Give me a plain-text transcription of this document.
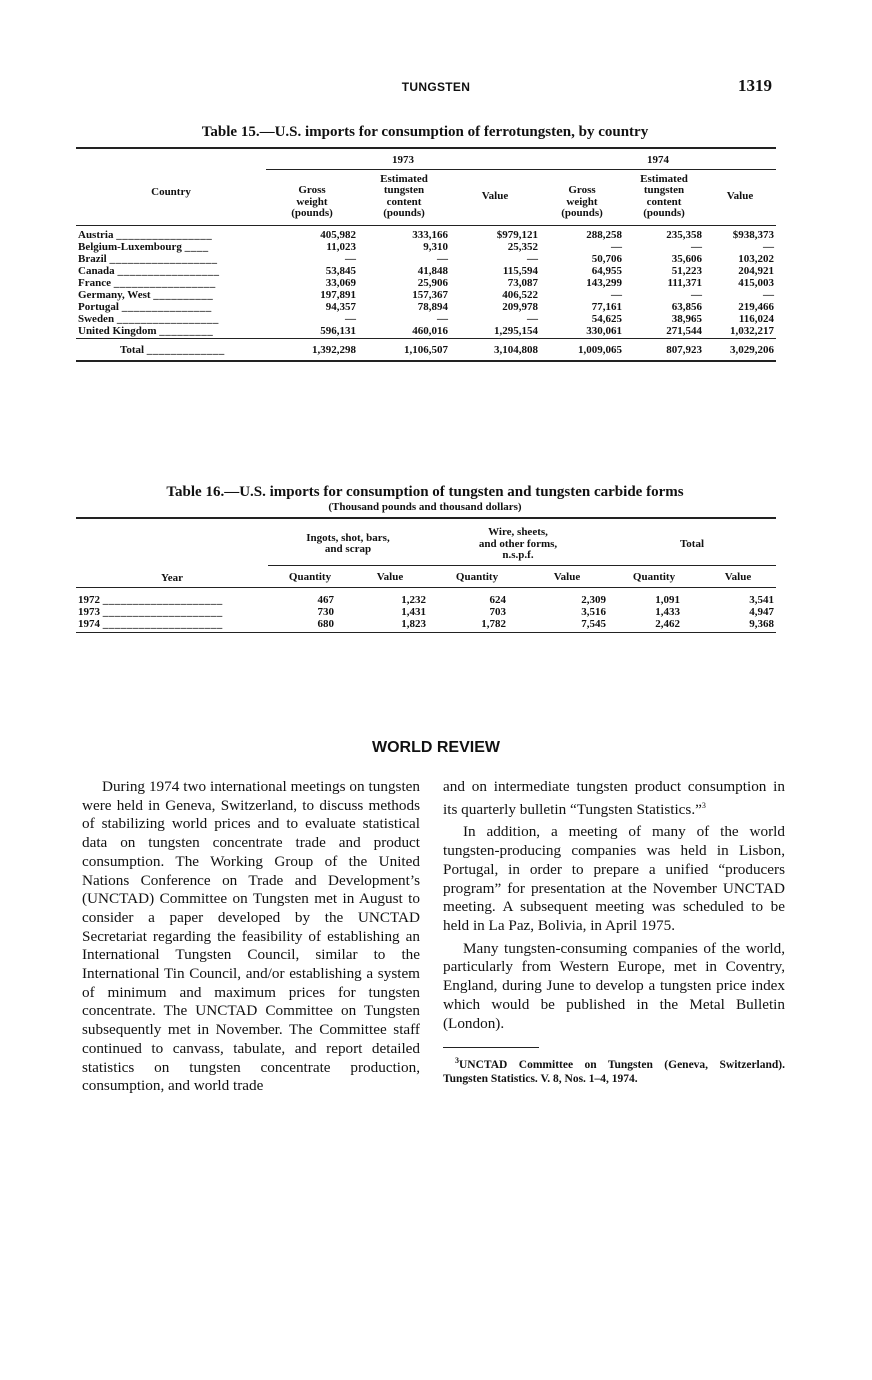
TUNGSTEN	1319
Table 15.—U.S. imports for consumption of ferrotungsten, by country
Country	1973			1974		
	Gross
weight
(pounds)	Estimated
tungsten
content
(pounds)	Value	Gross
weight
(pounds)	Estimated
tungsten
content
(pounds)	Value
Austria ________________	405,982	333,166	$979,121	288,258	235,358	$938,373
Belgium-Luxembourg ____	11,023	9,310	25,352	—	—	—
Brazil __________________	—	—	—	50,706	35,606	103,202
Canada _________________	53,845	41,848	115,594	64,955	51,223	204,921
France _________________	33,069	25,906	73,087	143,299	111,371	415,003
Germany, West __________	197,891	157,367	406,522	—	—	—
Portugal _______________	94,357	78,894	209,978	77,161	63,856	219,466
Sweden _________________	—	—	—	54,625	38,965	116,024
United Kingdom _________	596,131	460,016	1,295,154	330,061	271,544	1,032,217
Total _____________	1,392,298	1,106,507	3,104,808	1,009,065	807,923	3,029,206
Table 16.—U.S. imports for consumption of tungsten and tungsten carbide forms
(Thousand pounds and thousand dollars)
Year	Ingots, shot, bars,
and scrap		Wire, sheets,
and other forms,
n.s.p.f.		Total	
	Quantity	Value	Quantity	Value	Quantity	Value
1972 ____________________	467	1,232	624	2,309	1,091	3,541
1973 ____________________	730	1,431	703	3,516	1,433	4,947
1974 ____________________	680	1,823	1,782	7,545	2,462	9,368
WORLD REVIEW

During 1974 two international meetings on tungsten were held in Geneva, Switzerland, to discuss methods of stabilizing world prices and to evaluate statistical data on tungsten concentrate trade and product consumption. The Working Group of the United Nations Conference on Trade and Development’s (UNCTAD) Committee on Tungsten met in August to consider a paper developed by the UNCTAD Secretariat regarding the feasibility of establishing an International Tungsten Council, similar to the International Tin Council, and/or establishing a system of minimum and maximum prices for tungsten concentrate. The UNCTAD Committee on Tungsten subsequently met in November. The Committee staff continued to canvass, tabulate, and report detailed statistics on tungsten concentrate production, consumption, and world trade

and on intermediate tungsten product consumption in its quarterly bulletin “Tungsten Statistics.”$^3$

In addition, a meeting of many of the world tungsten-producing companies was held in Lisbon, Portugal, in order to prepare a unified “producers program” for presentation at the November UNCTAD meeting. A subsequent meeting was scheduled to be held in La Paz, Bolivia, in April 1975.

Many tungsten-consuming companies of the world, particularly from Western Europe, met in Coventry, England, during June to develop a tungsten price index which would be published in the Metal Bulletin (London).

$^3$UNCTAD Committee on Tungsten (Geneva, Switzerland). Tungsten Statistics. V. 8, Nos. 1–4, 1974.
